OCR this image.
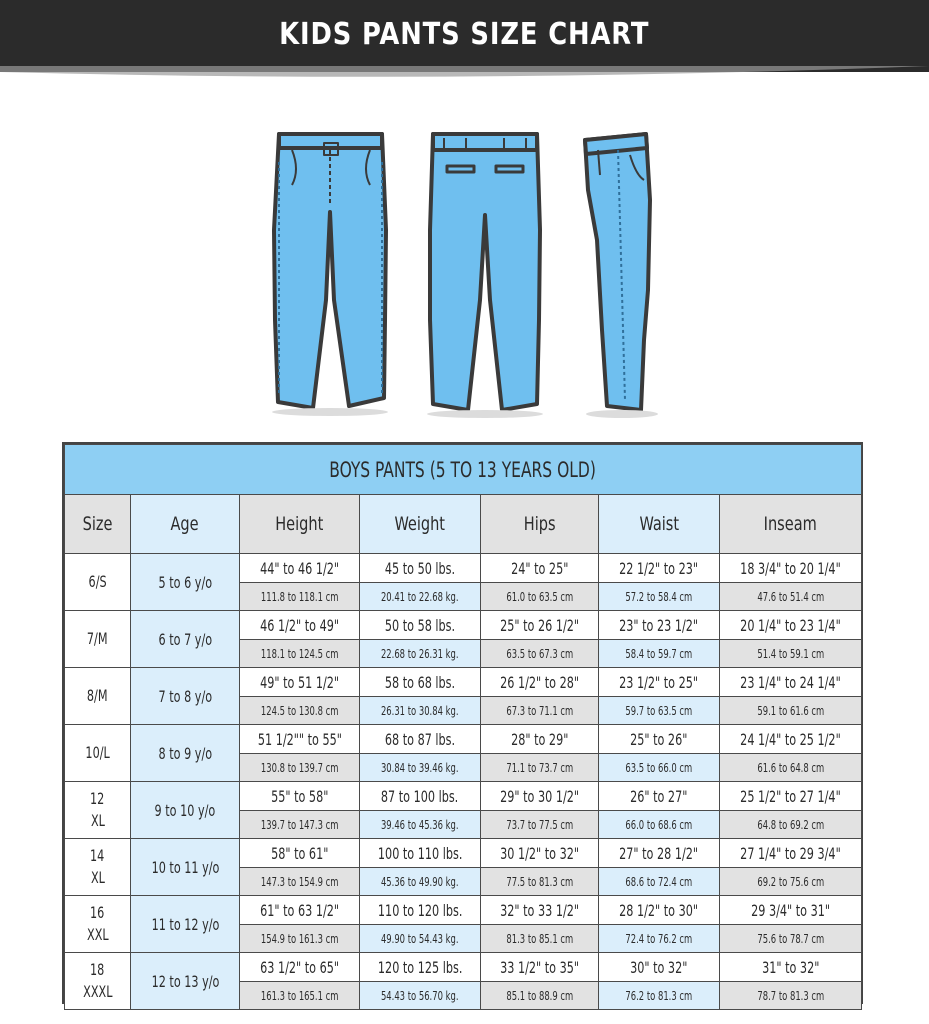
KIDS PANTS SIZE CHART
BOYS PANTS (5 TO 13 YEARS OLD)						
Size	Age	Height	Weight	Hips	Waist	Inseam

6/S	5 to 6 y/o	44" to 46 1/2"	45 to 50 lbs.	24" to 25"	22 1/2" to 23"	18 3/4" to 20 1/4"
		111.8 to 118.1 cm	20.41 to 22.68 kg.	61.0 to 63.5 cm	57.2 to 58.4 cm	47.6 to 51.4 cm

7/M	6 to 7 y/o	46 1/2" to 49"	50 to 58 lbs.	25" to 26 1/2"	23" to 23 1/2"	20 1/4" to 23 1/4"
		118.1 to 124.5 cm	22.68 to 26.31 kg.	63.5 to 67.3 cm	58.4 to 59.7 cm	51.4 to 59.1 cm

8/M	7 to 8 y/o	49" to 51 1/2"	58 to 68 lbs.	26 1/2" to 28"	23 1/2" to 25"	23 1/4" to 24 1/4"
		124.5 to 130.8 cm	26.31 to 30.84 kg.	67.3 to 71.1 cm	59.7 to 63.5 cm	59.1 to 61.6 cm

10/L	8 to 9 y/o	51 1/2"" to 55"	68 to 87 lbs.	28" to 29"	25" to 26"	24 1/4" to 25 1/2"
		130.8 to 139.7 cm	30.84 to 39.46 kg.	71.1 to 73.7 cm	63.5 to 66.0 cm	61.6 to 64.8 cm

12
XL	9 to 10 y/o	55" to 58"	87 to 100 lbs.	29" to 30 1/2"	26" to 27"	25 1/2" to 27 1/4"
		139.7 to 147.3 cm	39.46 to 45.36 kg.	73.7 to 77.5 cm	66.0 to 68.6 cm	64.8 to 69.2 cm

14
XL	10 to 11 y/o	58" to 61"	100 to 110 lbs.	30 1/2" to 32"	27" to 28 1/2"	27 1/4" to 29 3/4"
		147.3 to 154.9 cm	45.36 to 49.90 kg.	77.5 to 81.3 cm	68.6 to 72.4 cm	69.2 to 75.6 cm

16
XXL	11 to 12 y/o	61" to 63 1/2"	110 to 120 lbs.	32" to 33 1/2"	28 1/2" to 30"	29 3/4" to 31"
		154.9 to 161.3 cm	49.90 to 54.43 kg.	81.3 to 85.1 cm	72.4 to 76.2 cm	75.6 to 78.7 cm

18
XXXL	12 to 13 y/o	63 1/2" to 65"	120 to 125 lbs.	33 1/2" to 35"	30" to 32"	31" to 32"
		161.3 to 165.1 cm	54.43 to 56.70 kg.	85.1 to 88.9 cm	76.2 to 81.3 cm	78.7 to 81.3 cm
